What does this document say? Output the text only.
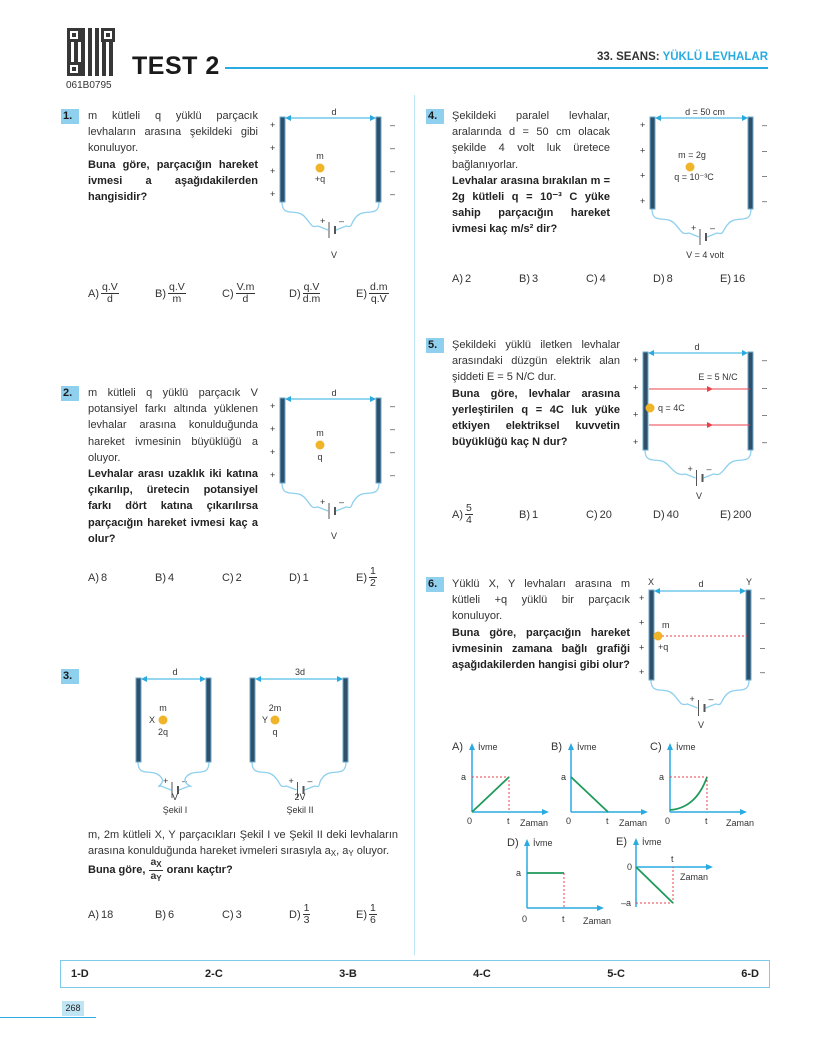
061B0795
TEST 2	33. SEANS: YÜKLÜ LEVHALAR
1.	m kütleli q yüklü parçacık levhaların arasına şekildeki gibi konuluyor.
Buna göre, parçacığın hareket ivmesi a aşağıdakilerden hangisidir?	–
+
–
+
–
+
–
+
–
+
d
m
+q
V
$A) \frac{q.V}{d}$	$B) \frac{q.V}{m}$	$C) \frac{V.m}{d}$	$D) \frac{q.V}{d.m}$	$E) \frac{d.m}{q.V}$
2.	m kütleli q yüklü parçacık V potansiyel farkı altında yüklenen levhalar arasına konulduğunda hareket ivmesinin büyüklüğü a oluyor.
Levhalar arası uzaklık iki katına çıkarılıp, üretecin potansiyel farkı dört katına çıkarılırsa parçacığın hareket ivmesi kaç a olur?
–
+
–
+
–
+
–
+
–
+
d
m
q
V
A) 8	B) 4	C) 2	D) 1	$E) \frac{1}{2}$
3.
–
+
d
m
X
2q
V
Şekil I
–
+
3d
2m
Y
q
2V
Şekil II
m, 2m kütleli X, Y parçacıkları Şekil I ve Şekil II deki levhaların arasına konulduğunda hareket ivmeleri sırasıyla $a_X$, $a_Y$ oluyor.
Buna göre, $\frac{a_X}{a_Y}$ oranı kaçtır?
A) 18	B) 6	C) 3	$D) \frac{1}{3}$	$E) \frac{1}{6}$
4.	Şekildeki paralel levhalar, aralarında d = 50 cm olacak şekilde 4 volt luk üretece bağlanıyorlar.
Levhalar arasına bırakılan m = 2g kütleli q = 10⁻³ C yüke sahip parçacığın hareket ivmesi kaç m/s² dir?
–
+
–
+
–
+
–
+
–
+
d = 50 cm
m = 2g
q = 10⁻³C
V = 4 volt
A) 2	B) 3	C) 4	D) 8	E) 16
5.	Şekildeki yüklü iletken levhalar arasındaki düzgün elektrik alan şiddeti E = 5 N/C dur.
Buna göre, levhalar arasına yerleştirilen q = 4C luk yüke etkiyen elektriksel kuvvetin büyüklüğü kaç N dur?	–
+
–
+
–
+
–
+
–
+
d
E = 5 N/C
q = 4C
V
$A) \frac{5}{4}$	B) 1	C) 20	D) 40	E) 200
6.	Yüklü X, Y levhaları arasına m kütleli +q yüklü bir parçacık konuluyor.
Buna göre, parçacığın hareket ivmesinin zamana bağlı grafiği aşağıdakilerden hangisi gibi olur?
–
+
–
+
–
+
–
+
–
+
X	Y
d
m
+q
V
A) İvme
a
0	t Zaman
B) İvme
a
0	t Zaman
C) İvme
a
0	t Zaman
D) İvme
a
0	t Zaman
E) İvme
0
–a
t
Zaman
1-D	2-C	3-B	4-C	5-C	6-D
268
